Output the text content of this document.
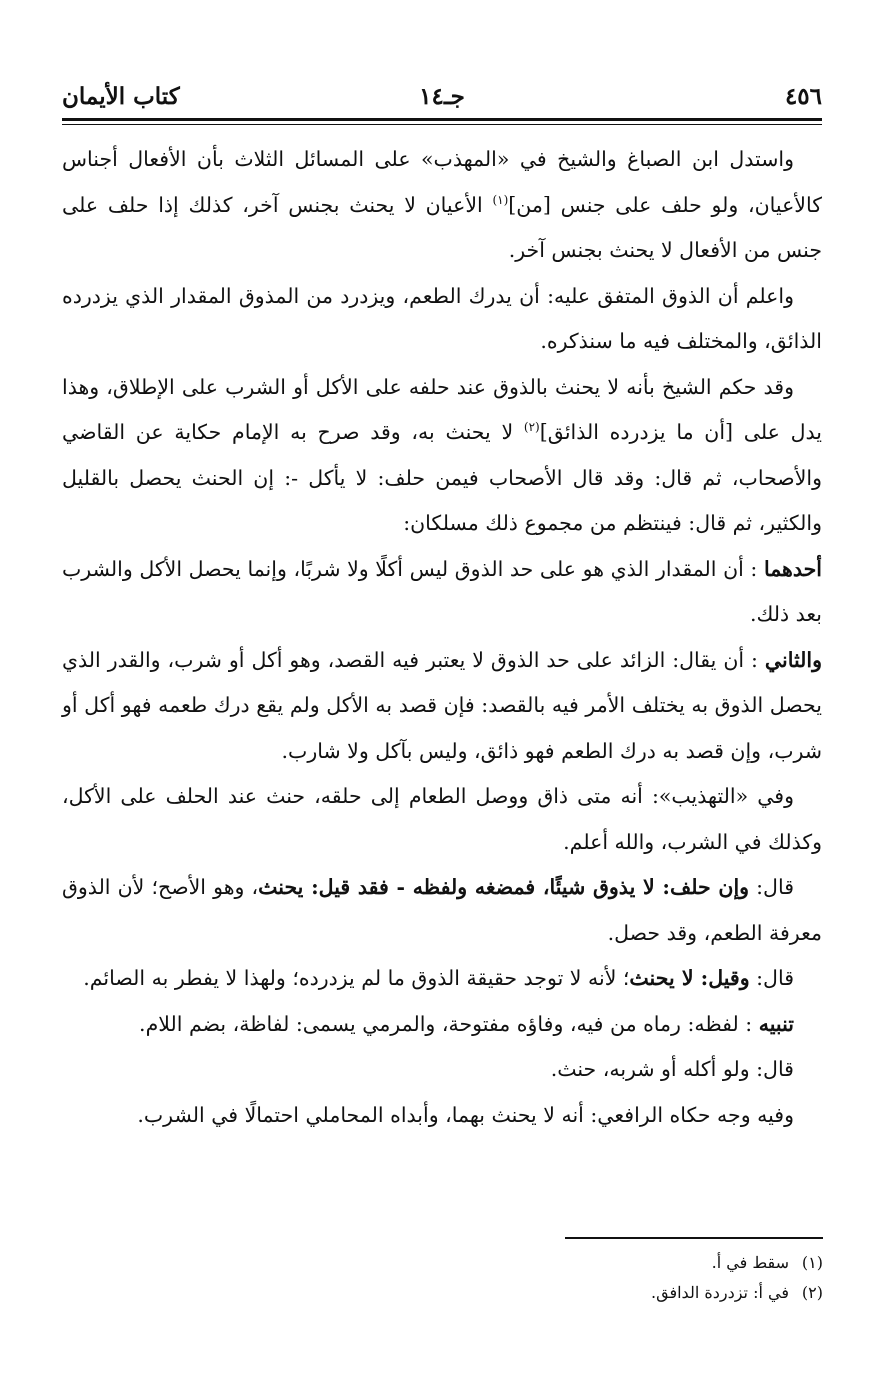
٤٥٦
جـ١٤
كتاب الأيمان

واستدل ابن الصباغ والشيخ في «المهذب» على المسائل الثلاث بأن الأفعال أجناس كالأعيان، ولو حلف على جنس [من]$^{(١)}$ الأعيان لا يحنث بجنس آخر، كذلك إذا حلف على جنس من الأفعال لا يحنث بجنس آخر.

واعلم أن الذوق المتفق عليه: أن يدرك الطعم، ويزدرد من المذوق المقدار الذي يزدرده الذائق، والمختلف فيه ما سنذكره.

وقد حكم الشيخ بأنه لا يحنث بالذوق عند حلفه على الأكل أو الشرب على الإطلاق، وهذا يدل على [أن ما يزدرده الذائق]$^{(٢)}$ لا يحنث به، وقد صرح به الإمام حكاية عن القاضي والأصحاب، ثم قال: وقد قال الأصحاب فيمن حلف: لا يأكل -: إن الحنث يحصل بالقليل والكثير، ثم قال: فينتظم من مجموع ذلك مسلكان:

أحدهما : أن المقدار الذي هو على حد الذوق ليس أكلًا ولا شربًا، وإنما يحصل الأكل والشرب بعد ذلك.

والثاني : أن يقال: الزائد على حد الذوق لا يعتبر فيه القصد، وهو أكل أو شرب، والقدر الذي يحصل الذوق به يختلف الأمر فيه بالقصد: فإن قصد به الأكل ولم يقع درك طعمه فهو أكل أو شرب، وإن قصد به درك الطعم فهو ذائق، وليس بآكل ولا شارب.

وفي «التهذيب»: أنه متى ذاق ووصل الطعام إلى حلقه، حنث عند الحلف على الأكل، وكذلك في الشرب، والله أعلم.

قال: وإن حلف: لا يذوق شيئًا، فمضغه ولفظه - فقد قيل: يحنث، وهو الأصح؛ لأن الذوق معرفة الطعم، وقد حصل.

قال: وقيل: لا يحنث؛ لأنه لا توجد حقيقة الذوق ما لم يزدرده؛ ولهذا لا يفطر به الصائم.

تنبيه : لفظه: رماه من فيه، وفاؤه مفتوحة، والمرمي يسمى: لفاظة، بضم اللام.

قال: ولو أكله أو شربه، حنث.

وفيه وجه حكاه الرافعي: أنه لا يحنث بهما، وأبداه المحاملي احتمالًا في الشرب.

(١)سقط في أ.
(٢)في أ: تزدردة الدافق.
